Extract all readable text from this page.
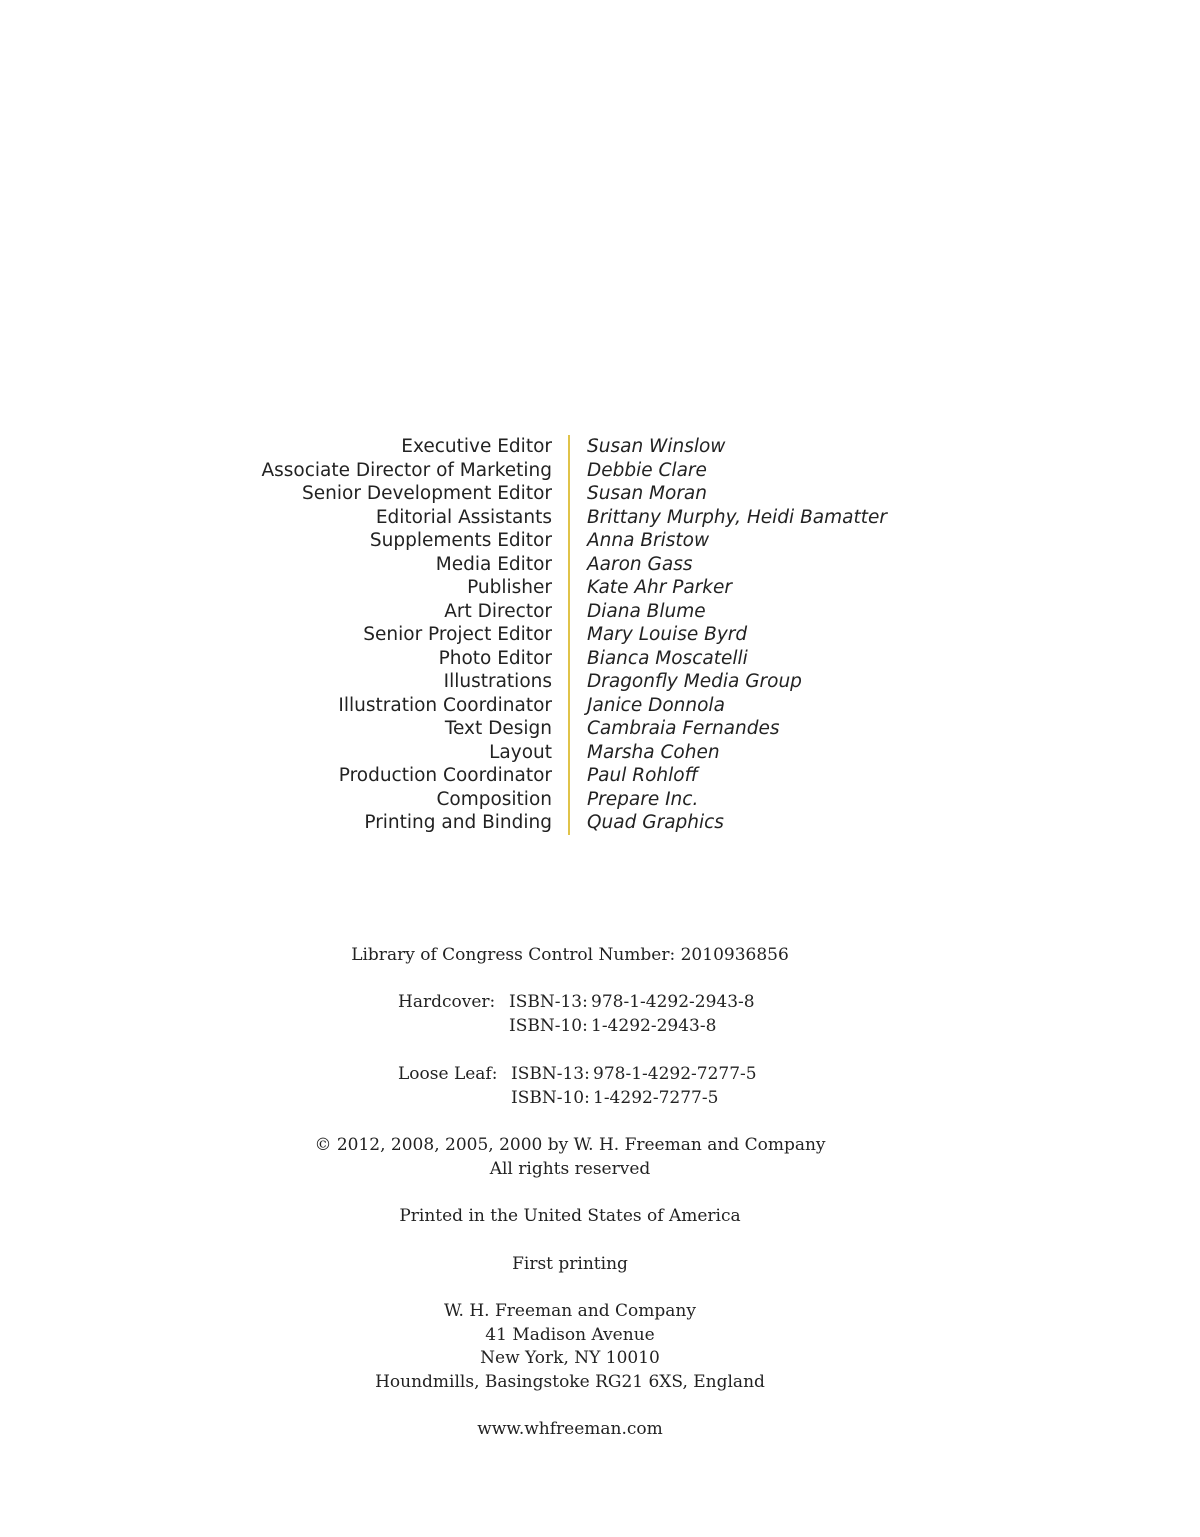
Executive Editor Susan Winslow
Associate Director of Marketing Debbie Clare
Senior Development Editor Susan Moran
Editorial Assistants Brittany Murphy, Heidi Bamatter
Supplements Editor Anna Bristow
Media Editor Aaron Gass
Publisher Kate Ahr Parker
Art Director Diana Blume
Senior Project Editor Mary Louise Byrd
Photo Editor Bianca Moscatelli
Illustrations Dragonfly Media Group
Illustration Coordinator Janice Donnola
Text Design Cambraia Fernandes
Layout Marsha Cohen
Production Coordinator Paul Rohloff
Composition Prepare Inc.
Printing and Binding Quad Graphics
Library of Congress Control Number: 2010936856
Hardcover: ISBN-13: 978-1-4292-2943-8
ISBN-10: 1-4292-2943-8
Loose Leaf: ISBN-13: 978-1-4292-7277-5
ISBN-10: 1-4292-7277-5
© 2012, 2008, 2005, 2000 by W. H. Freeman and Company
All rights reserved
Printed in the United States of America
First printing
W. H. Freeman and Company
41 Madison Avenue
New York, NY 10010
Houndmills, Basingstoke RG21 6XS, England
www.whfreeman.com
